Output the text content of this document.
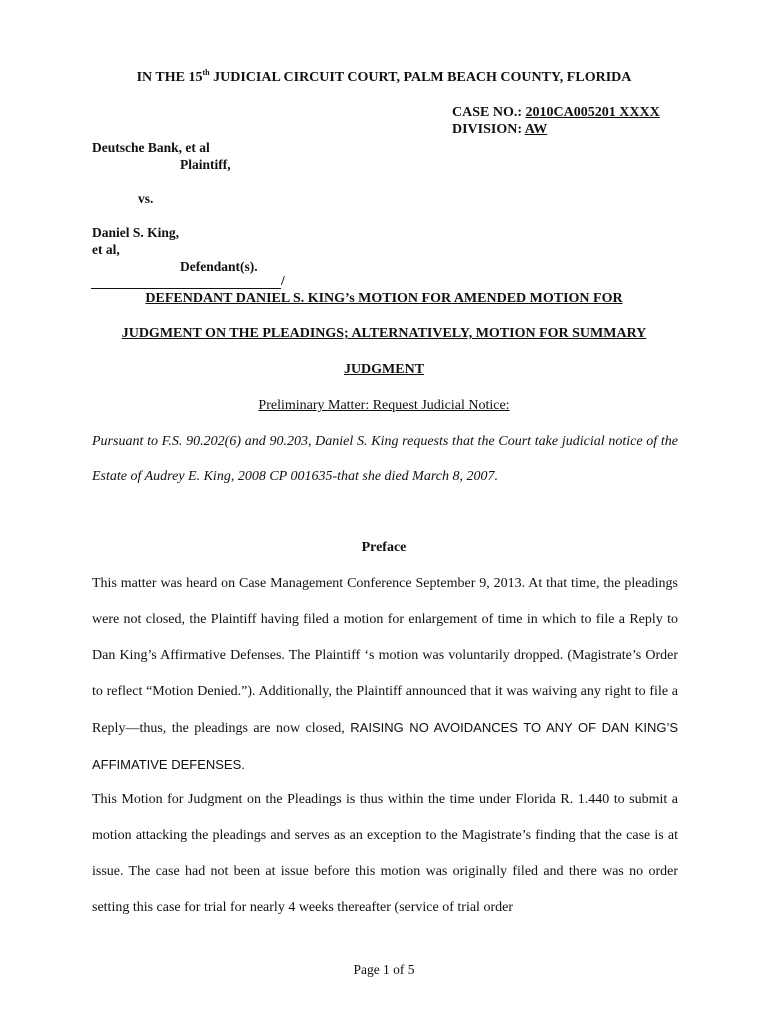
IN THE 15th JUDICIAL CIRCUIT COURT, PALM BEACH COUNTY, FLORIDA
CASE NO.: 2010CA005201 XXXX
DIVISION: AW
Deutsche Bank, et al
Plaintiff,
vs.
Daniel S. King,
et al,
Defendant(s).
/
DEFENDANT DANIEL S. KING’s MOTION FOR AMENDED MOTION FOR
JUDGMENT ON THE PLEADINGS; ALTERNATIVELY, MOTION FOR SUMMARY
JUDGMENT
Preliminary Matter: Request Judicial Notice:
Pursuant to F.S. 90.202(6) and 90.203, Daniel S. King requests that the Court take judicial notice of the Estate of Audrey E. King, 2008 CP 001635-that she died March 8, 2007.
Preface
This matter was heard on Case Management Conference September 9, 2013. At that time, the pleadings were not closed, the Plaintiff having filed a motion for enlargement of time in which to file a Reply to Dan King’s Affirmative Defenses. The Plaintiff ‘s motion was voluntarily dropped. (Magistrate’s Order to reflect “Motion Denied.”). Additionally, the Plaintiff announced that it was waiving any right to file a Reply—thus, the pleadings are now closed, RAISING NO AVOIDANCES TO ANY OF DAN KING’S AFFIMATIVE DEFENSES.
This Motion for Judgment on the Pleadings is thus within the time under Florida R. 1.440 to submit a motion attacking the pleadings and serves as an exception to the Magistrate’s finding that the case is at issue. The case had not been at issue before this motion was originally filed and there was no order setting this case for trial for nearly 4 weeks thereafter (service of trial order
Page 1 of 5
